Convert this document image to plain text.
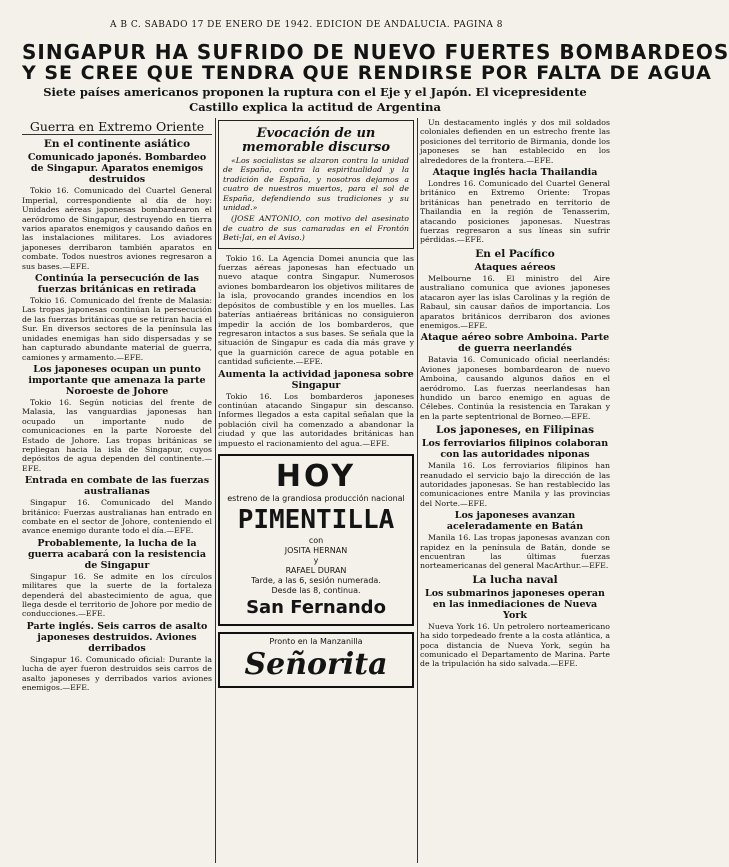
A B C. SABADO 17 DE ENERO DE 1942. EDICION DE ANDALUCIA. PAGINA 8
SINGAPUR HA SUFRIDO DE NUEVO FUERTES BOMBARDEOS
Y SE CREE QUE TENDRA QUE RENDIRSE POR FALTA DE AGUA
Siete países americanos proponen la ruptura con el Eje y el Japón. El vicepresidente Castillo explica la actitud de Argentina
Guerra en Extremo Oriente
En el continente asiático
Comunicado japonés. Bombardeo de Singapur. Aparatos enemigos destruidos

Tokio 16. Comunicado del Cuartel General Imperial, correspondiente al día de hoy: Unidades aéreas japonesas bombardearon el aeródromo de Singapur, destruyendo en tierra varios aparatos enemigos y causando daños en las instalaciones militares. Los aviadores japoneses derribaron también aparatos en combate. Todos nuestros aviones regresaron a sus bases.—EFE.

Continúa la persecución de las fuerzas británicas en retirada

Tokio 16. Comunicado del frente de Malasia: Las tropas japonesas continúan la persecución de las fuerzas británicas que se retiran hacia el Sur. En diversos sectores de la península las unidades enemigas han sido dispersadas y se han capturado abundante material de guerra, camiones y armamento.—EFE.

Los japoneses ocupan un punto importante que amenaza la parte Noroeste de Johore

Tokio 16. Según noticias del frente de Malasia, las vanguardias japonesas han ocupado un importante nudo de comunicaciones en la parte Noroeste del Estado de Johore. Las tropas británicas se repliegan hacia la isla de Singapur, cuyos depósitos de agua dependen del continente.—EFE.

Entrada en combate de las fuerzas australianas

Singapur 16. Comunicado del Mando británico: Fuerzas australianas han entrado en combate en el sector de Johore, conteniendo el avance enemigo durante todo el día.—EFE.

Probablemente, la lucha de la guerra acabará con la resistencia de Singapur

Singapur 16. Se admite en los círculos militares que la suerte de la fortaleza dependerá del abastecimiento de agua, que llega desde el territorio de Johore por medio de conducciones.—EFE.

Parte inglés. Seis carros de asalto japoneses destruidos. Aviones derribados

Singapur 16. Comunicado oficial: Durante la lucha de ayer fueron destruidos seis carros de asalto japoneses y derribados varios aviones enemigos.—EFE.

Evocación de un memorable discurso

«Los socialistas se alzaron contra la unidad de España, contra la espiritualidad y la tradición de España, y nosotros dejamos a cuatro de nuestros muertos, para el sol de España, defendiendo sus tradiciones y su unidad.»

(JOSE ANTONIO, con motivo del asesinato de cuatro de sus camaradas en el Frontón Beti-Jai, en el Aviso.)

Tokio 16. La Agencia Domei anuncia que las fuerzas aéreas japonesas han efectuado un nuevo ataque contra Singapur. Numerosos aviones bombardearon los objetivos militares de la isla, provocando grandes incendios en los depósitos de combustible y en los muelles. Las baterías antiaéreas británicas no consiguieron impedir la acción de los bombarderos, que regresaron intactos a sus bases. Se señala que la situación de Singapur es cada día más grave y que la guarnición carece de agua potable en cantidad suficiente.—EFE.

Aumenta la actividad japonesa sobre Singapur

Tokio 16. Los bombarderos japoneses continúan atacando Singapur sin descanso. Informes llegados a esta capital señalan que la población civil ha comenzado a abandonar la ciudad y que las autoridades británicas han impuesto el racionamiento del agua.—EFE.

HOY
estreno de la grandiosa producción nacional
PIMENTILLA
con
JOSITA HERNAN
y
RAFAEL DURAN
Tarde, a las 6, sesión numerada.
Desde las 8, continua.
San Fernando
Pronto en la Manzanilla
Señorita

Un destacamento inglés y dos mil soldados coloniales defienden en un estrecho frente las posiciones del territorio de Birmania, donde los japoneses se han establecido en los alrededores de la frontera.—EFE.

Ataque inglés hacia Thailandia

Londres 16. Comunicado del Cuartel General británico en Extremo Oriente: Tropas británicas han penetrado en territorio de Thailandia en la región de Tenasserim, atacando posiciones japonesas. Nuestras fuerzas regresaron a sus líneas sin sufrir pérdidas.—EFE.

En el Pacífico
Ataques aéreos

Melbourne 16. El ministro del Aire australiano comunica que aviones japoneses atacaron ayer las islas Carolinas y la región de Rabaul, sin causar daños de importancia. Los aparatos británicos derribaron dos aviones enemigos.—EFE.

Ataque aéreo sobre Amboina. Parte de guerra neerlandés

Batavia 16. Comunicado oficial neerlandés: Aviones japoneses bombardearon de nuevo Amboina, causando algunos daños en el aeródromo. Las fuerzas neerlandesas han hundido un barco enemigo en aguas de Célebes. Continúa la resistencia en Tarakan y en la parte septentrional de Borneo.—EFE.

Los japoneses, en Filipinas
Los ferroviarios filipinos colaboran con las autoridades niponas

Manila 16. Los ferroviarios filipinos han reanudado el servicio bajo la dirección de las autoridades japonesas. Se han restablecido las comunicaciones entre Manila y las provincias del Norte.—EFE.

Los japoneses avanzan aceleradamente en Batán

Manila 16. Las tropas japonesas avanzan con rapidez en la península de Batán, donde se encuentran las últimas fuerzas norteamericanas del general MacArthur.—EFE.

La lucha naval
Los submarinos japoneses operan en las inmediaciones de Nueva York

Nueva York 16. Un petrolero norteamericano ha sido torpedeado frente a la costa atlántica, a poca distancia de Nueva York, según ha comunicado el Departamento de Marina. Parte de la tripulación ha sido salvada.—EFE.
